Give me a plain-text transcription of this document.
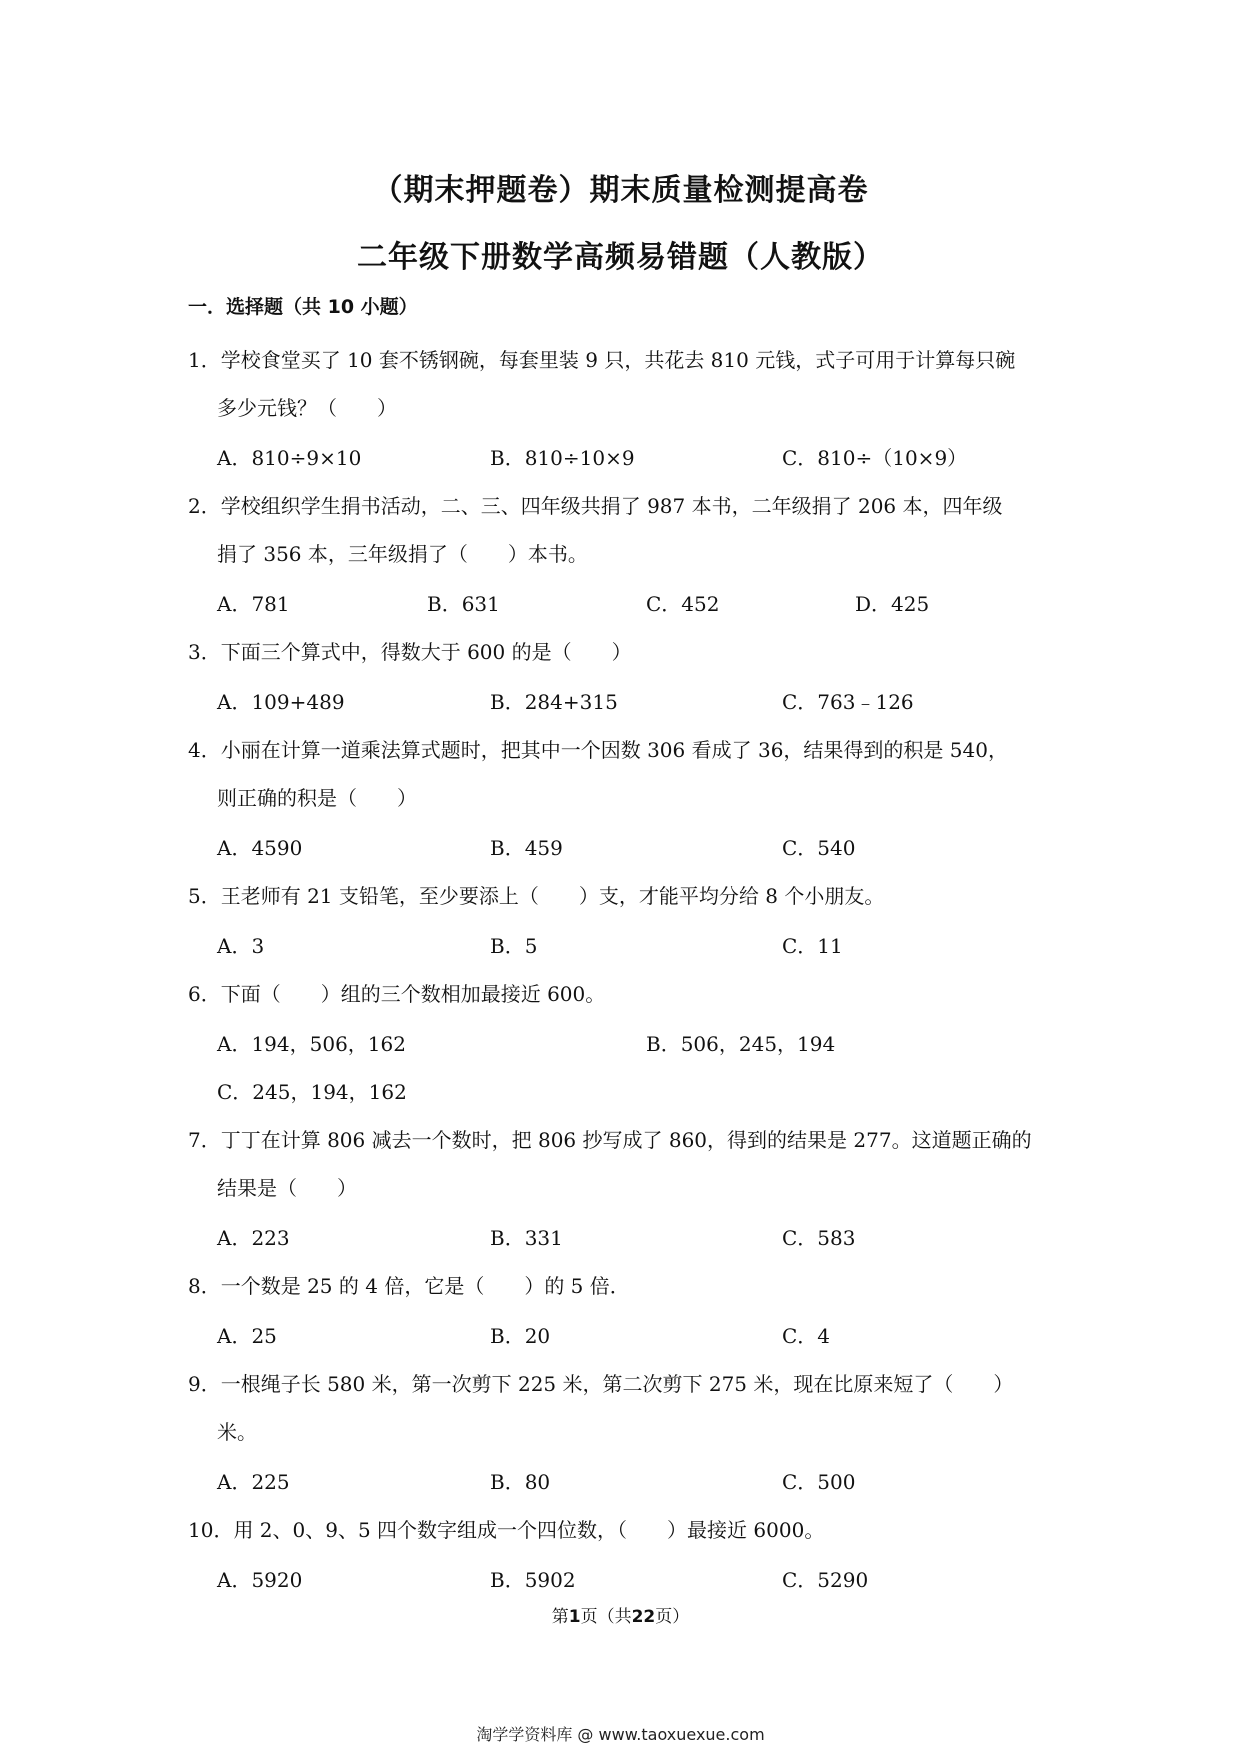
（期末押题卷）期末质量检测提高卷
二年级下册数学高频易错题（人教版）
一．选择题（共 10 小题）
1．学校食堂买了 10 套不锈钢碗，每套里装 9 只，共花去 810 元钱，式子可用于计算每只碗
多少元钱？（　　）
A．810÷9×10	B．810÷10×9	C．810÷（10×9）
2．学校组织学生捐书活动，二、三、四年级共捐了 987 本书，二年级捐了 206 本，四年级
捐了 356 本，三年级捐了（　　）本书。
A．781	B．631	C．452	D．425
3．下面三个算式中，得数大于 600 的是（　　）
A．109+489	B．284+315	C．763﹣126
4．小丽在计算一道乘法算式题时，把其中一个因数 306 看成了 36，结果得到的积是 540，
则正确的积是（　　）
A．4590	B．459	C．540
5．王老师有 21 支铅笔，至少要添上（　　）支，才能平均分给 8 个小朋友。
A．3	B．5	C．11
6．下面（　　）组的三个数相加最接近 600。
A．194，506，162	B．506，245，194
C．245，194，162
7．丁丁在计算 806 减去一个数时，把 806 抄写成了 860，得到的结果是 277。这道题正确的
结果是（　　）
A．223	B．331	C．583
8．一个数是 25 的 4 倍，它是（　　）的 5 倍．
A．25	B．20	C．4
9．一根绳子长 580 米，第一次剪下 225 米，第二次剪下 275 米，现在比原来短了（　　）
米。
A．225	B．80	C．500
10．用 2、0、9、5 四个数字组成一个四位数，（　　）最接近 6000。
A．5920	B．5902	C．5290
第1页（共22页）
淘学学资料库 @ www.taoxuexue.com
